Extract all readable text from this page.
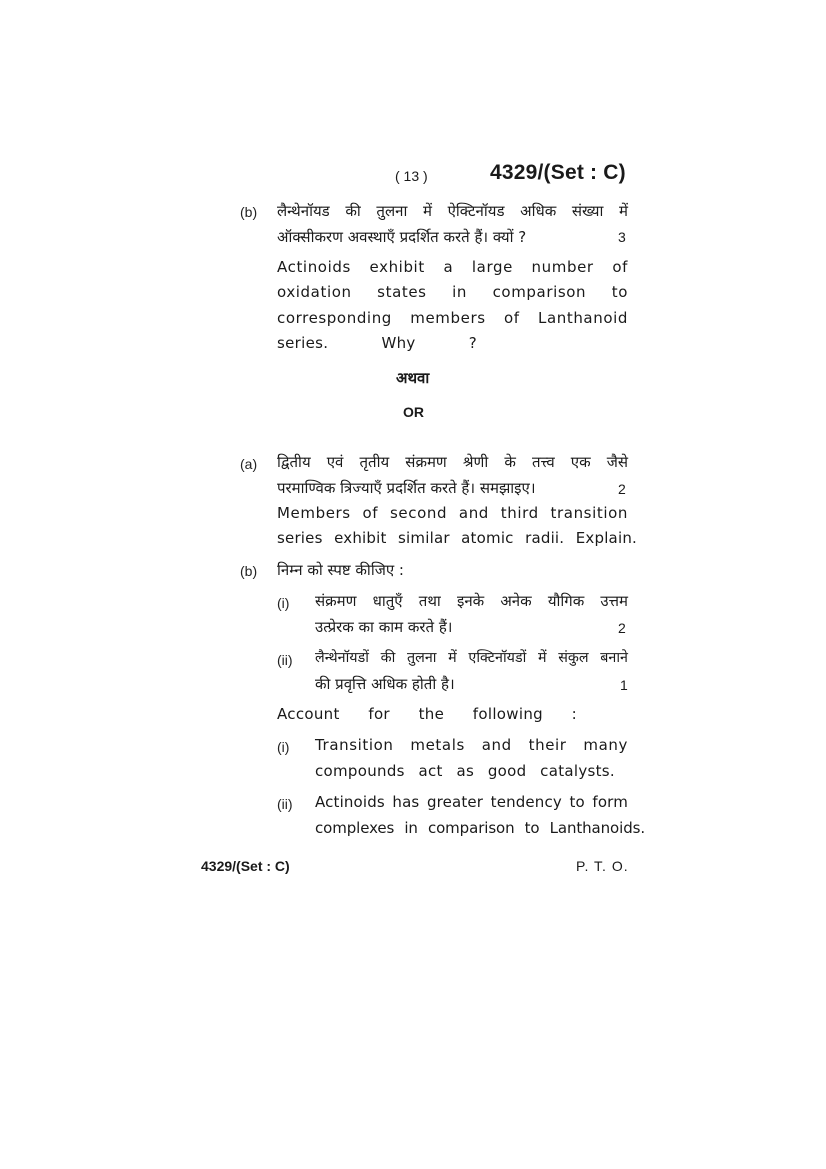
( 13 )	4329/(Set : C)
(b) लैन्थेनॉयड की तुलना में ऐक्टिनॉयड अधिक संख्या में
ऑक्सीकरण अवस्थाएँ प्रदर्शित करते हैं। क्यों ?	3
Actinoids exhibit a large number of
oxidation states in comparison to
corresponding members of Lanthanoid
series. Why ?
अथवा
OR
(a) द्वितीय एवं तृतीय संक्रमण श्रेणी के तत्त्व एक जैसे
परमाण्विक त्रिज्याएँ प्रदर्शित करते हैं। समझाइए।	2
Members of second and third transition
series exhibit similar atomic radii. Explain.
(b) निम्न को स्पष्ट कीजिए :
(i) संक्रमण धातुएँ तथा इनके अनेक यौगिक उत्तम
उत्प्रेरक का काम करते हैं।	2
(ii) लैन्थेनॉयडों की तुलना में एक्टिनॉयडों में संकुल बनाने
की प्रवृत्ति अधिक होती है।	1
Account for the following :
(i) Transition metals and their many
compounds act as good catalysts.
(ii) Actinoids has greater tendency to form
complexes in comparison to Lanthanoids.
4329/(Set : C)	P. T. O.
